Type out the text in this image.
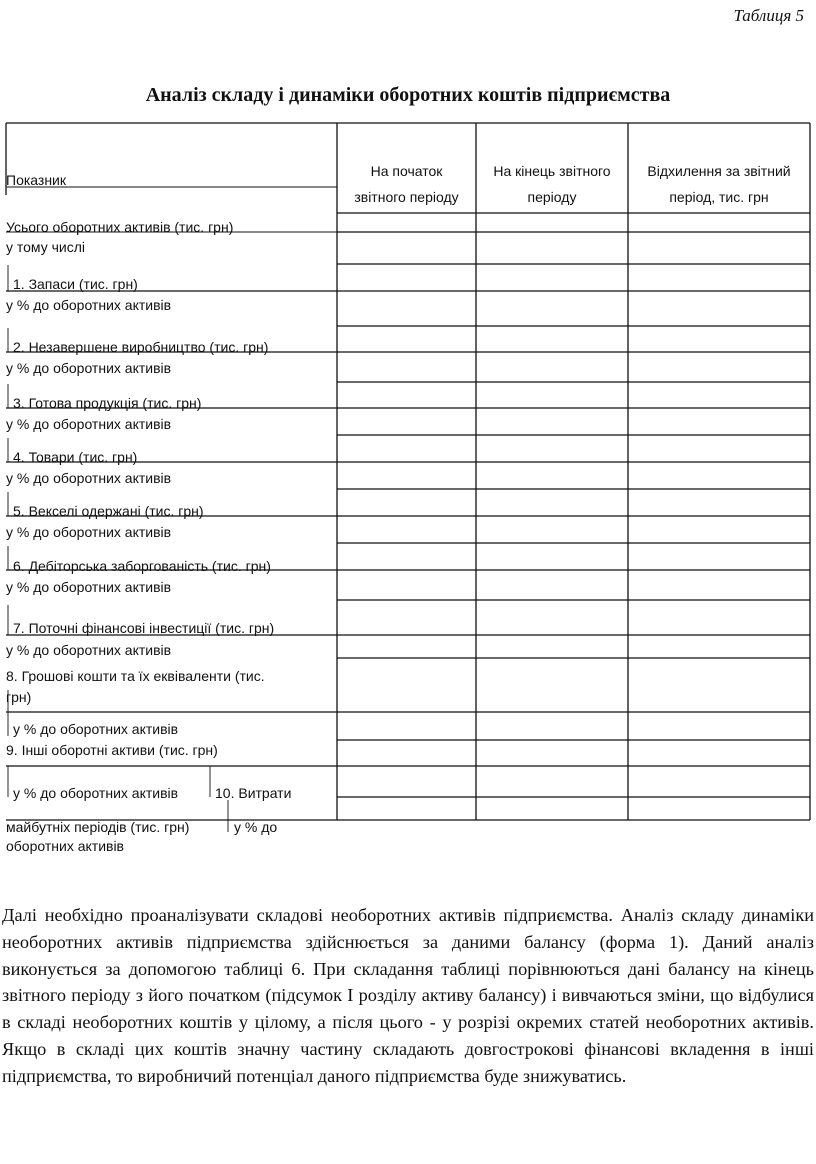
Таблиця 5
Аналіз складу і динаміки оборотних коштів підприємства
Показник
На початок
звітного періоду
На кінець звітного
періоду
Відхилення за звітний
період, тис. грн
Усього оборотних активів (тис. грн)
у тому числі
1. Запаси (тис. грн)
у % до оборотних активів
2. Незавершене виробництво (тис. грн)
у % до оборотних активів
3. Готова продукція (тис. грн)
у % до оборотних активів
4. Товари (тис. грн)
у % до оборотних активів
5. Векселі одержані (тис. грн)
у % до оборотних активів
6. Дебіторська заборгованість (тис. грн)
у % до оборотних активів
7. Поточні фінансові інвестиції (тис. грн)
у % до оборотних активів
8. Грошові кошти та їх еквіваленти (тис.
грн)
у % до оборотних активів
9. Інші оборотні активи (тис. грн)
у % до оборотних активів	10. Витрати
майбутніх періодів (тис. грн)	у % до
оборотних активів

Далі необхідно проаналізувати складові необоротних активів підприємства. Аналіз складу динаміки необоротних активів підприємства здійснюється за даними балансу (форма 1). Даний аналіз виконується за допомогою таблиці 6. При складання таблиці порівнюються дані балансу на кінець звітного періоду з його початком (підсумок I розділу активу балансу) і вивчаються зміни, що відбулися в складі необоротних коштів у цілому, а після цього - у розрізі окремих статей необоротних активів. Якщо в складі цих коштів значну частину складають довгострокові фінансові вкладення в інші підприємства, то виробничий потенціал даного підприємства буде знижуватись.
